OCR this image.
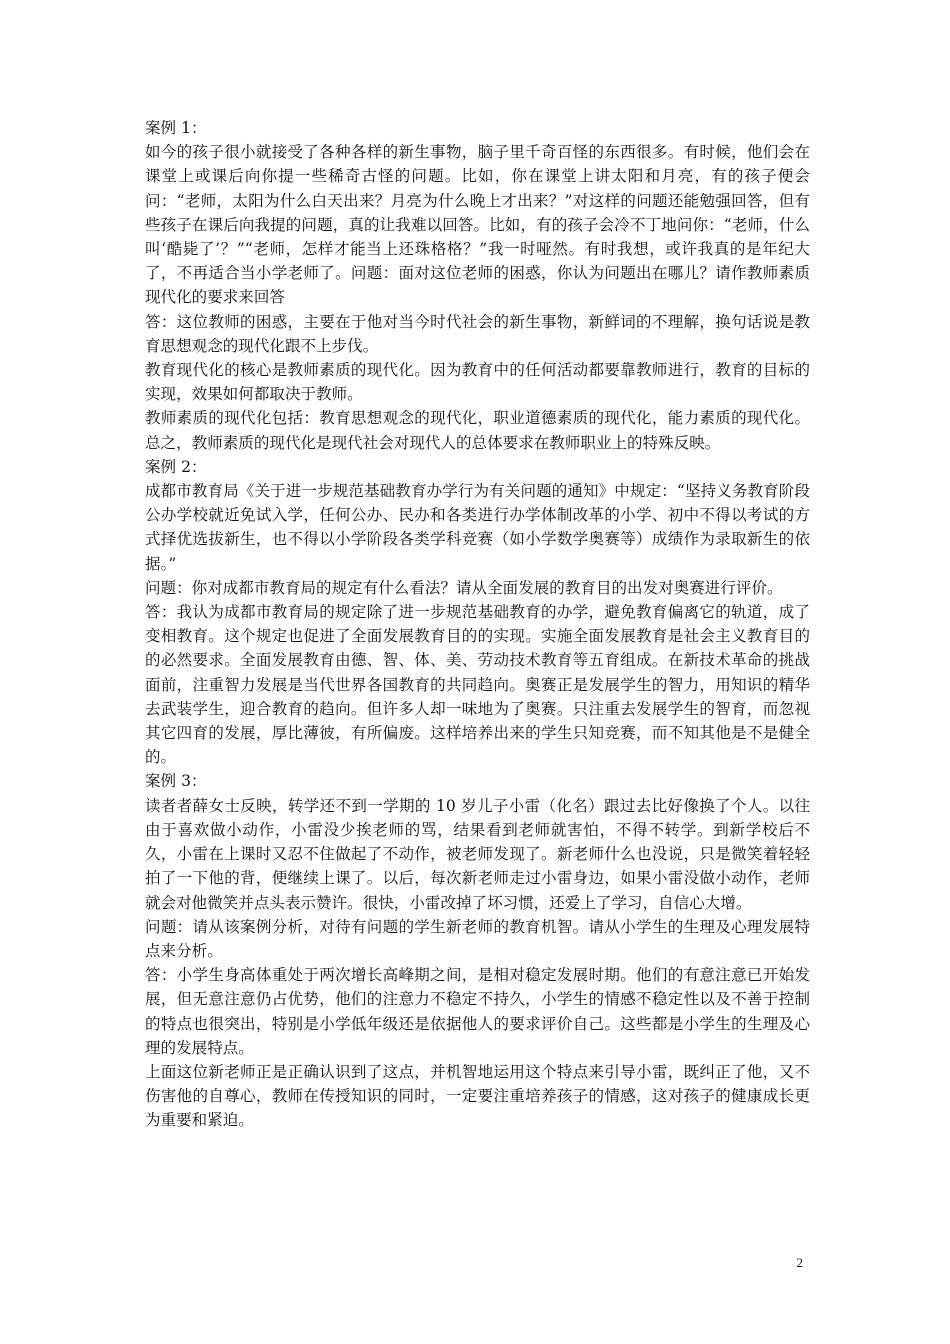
案例 1：

如今的孩子很小就接受了各种各样的新生事物，脑子里千奇百怪的东西很多。有时候，他们会在课堂上或课后向你提一些稀奇古怪的问题。比如，你在课堂上讲太阳和月亮，有的孩子便会问：“老师，太阳为什么白天出来？月亮为什么晚上才出来？”对这样的问题还能勉强回答，但有些孩子在课后向我提的问题，真的让我难以回答。比如，有的孩子会冷不丁地问你：“老师，什么叫‘酷毙了’？”“老师，怎样才能当上还珠格格？”我一时哑然。有时我想，或许我真的是年纪大了，不再适合当小学老师了。问题：面对这位老师的困惑，你认为问题出在哪儿？请作教师素质现代化的要求来回答

答：这位教师的困惑，主要在于他对当今时代社会的新生事物，新鲜词的不理解，换句话说是教育思想观念的现代化跟不上步伐。

教育现代化的核心是教师素质的现代化。因为教育中的任何活动都要靠教师进行，教育的目标的实现，效果如何都取决于教师。

教师素质的现代化包括：教育思想观念的现代化，职业道德素质的现代化，能力素质的现代化。总之，教师素质的现代化是现代社会对现代人的总体要求在教师职业上的特殊反映。

案例 2：

成都市教育局《关于进一步规范基础教育办学行为有关问题的通知》中规定：“坚持义务教育阶段公办学校就近免试入学，任何公办、民办和各类进行办学体制改革的小学、初中不得以考试的方式择优选拔新生，也不得以小学阶段各类学科竞赛（如小学数学奥赛等）成绩作为录取新生的依据。”

问题：你对成都市教育局的规定有什么看法？请从全面发展的教育目的出发对奥赛进行评价。

答：我认为成都市教育局的规定除了进一步规范基础教育的办学，避免教育偏离它的轨道，成了变相教育。这个规定也促进了全面发展教育目的的实现。实施全面发展教育是社会主义教育目的的必然要求。全面发展教育由德、智、体、美、劳动技术教育等五育组成。在新技术革命的挑战面前，注重智力发展是当代世界各国教育的共同趋向。奥赛正是发展学生的智力，用知识的精华去武装学生，迎合教育的趋向。但许多人却一味地为了奥赛。只注重去发展学生的智育，而忽视其它四育的发展，厚比薄彼，有所偏废。这样培养出来的学生只知竞赛，而不知其他是不是健全的。

案例 3：

读者者薛女士反映，转学还不到一学期的 10 岁儿子小雷（化名）跟过去比好像换了个人。以往由于喜欢做小动作，小雷没少挨老师的骂，结果看到老师就害怕，不得不转学。到新学校后不久，小雷在上课时又忍不住做起了不动作，被老师发现了。新老师什么也没说，只是微笑着轻轻拍了一下他的背，便继续上课了。以后，每次新老师走过小雷身边，如果小雷没做小动作，老师就会对他微笑并点头表示赞许。很快，小雷改掉了坏习惯，还爱上了学习，自信心大增。

问题：请从该案例分析，对待有问题的学生新老师的教育机智。请从小学生的生理及心理发展特点来分析。

答：小学生身高体重处于两次增长高峰期之间，是相对稳定发展时期。他们的有意注意已开始发展，但无意注意仍占优势，他们的注意力不稳定不持久，小学生的情感不稳定性以及不善于控制的特点也很突出，特别是小学低年级还是依据他人的要求评价自己。这些都是小学生的生理及心理的发展特点。

上面这位新老师正是正确认识到了这点，并机智地运用这个特点来引导小雷，既纠正了他，又不伤害他的自尊心，教师在传授知识的同时，一定要注重培养孩子的情感，这对孩子的健康成长更为重要和紧迫。

2
